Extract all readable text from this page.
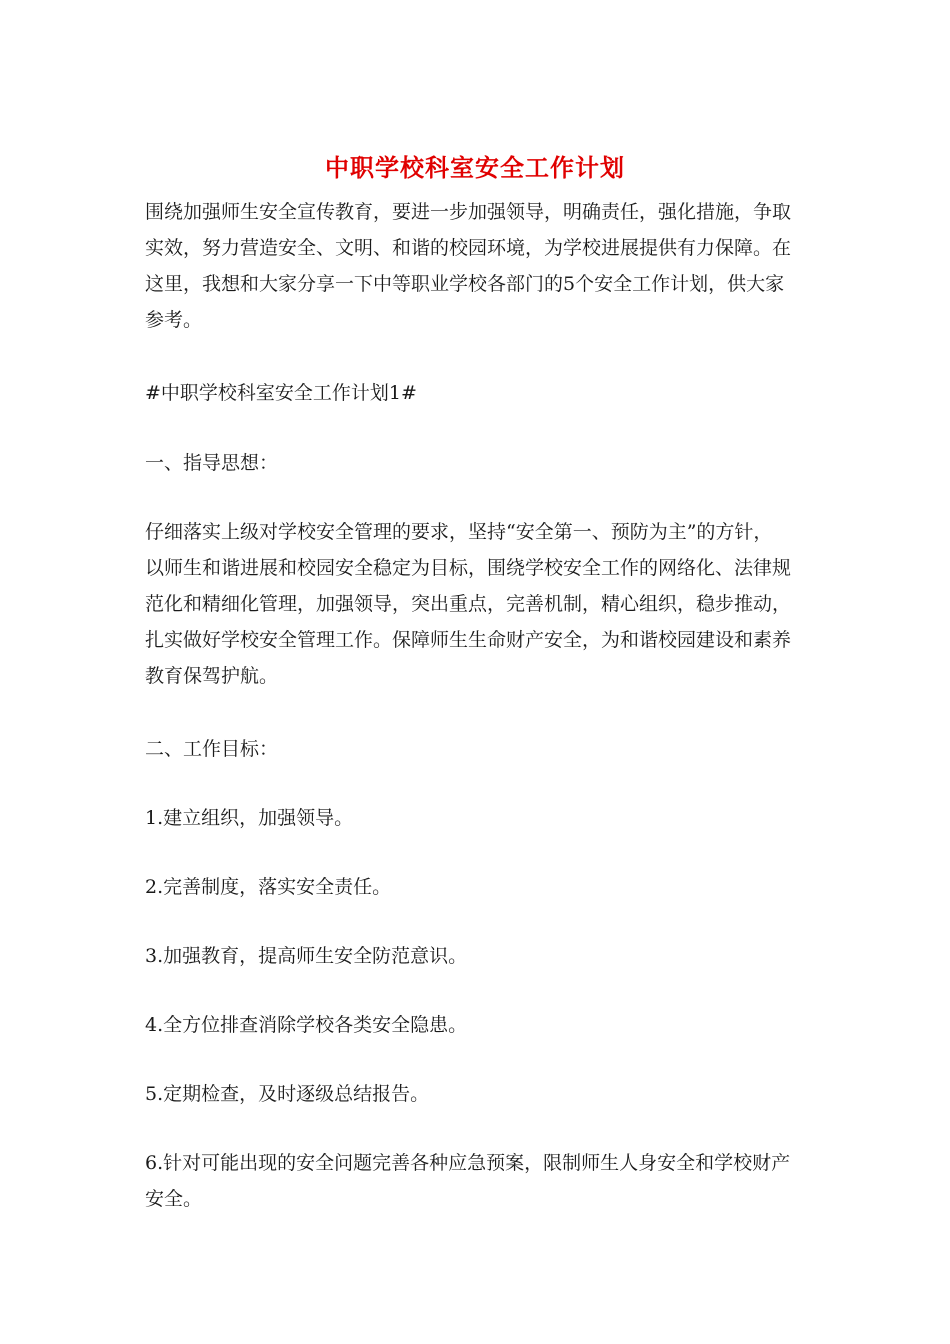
中职学校科室安全工作计划
围绕加强师生安全宣传教育，要进一步加强领导，明确责任，强化措施，争取
实效，努力营造安全、文明、和谐的校园环境，为学校进展提供有力保障。在
这里，我想和大家分享一下中等职业学校各部门的5个安全工作计划，供大家
参考。
#中职学校科室安全工作计划1#
一、指导思想：
仔细落实上级对学校安全管理的要求，坚持“安全第一、预防为主”的方针，
以师生和谐进展和校园安全稳定为目标，围绕学校安全工作的网络化、法律规
范化和精细化管理，加强领导，突出重点，完善机制，精心组织，稳步推动，
扎实做好学校安全管理工作。保障师生生命财产安全，为和谐校园建设和素养
教育保驾护航。
二、工作目标：
1.建立组织，加强领导。
2.完善制度，落实安全责任。
3.加强教育，提高师生安全防范意识。
4.全方位排查消除学校各类安全隐患。
5.定期检查，及时逐级总结报告。
6.针对可能出现的安全问题完善各种应急预案，限制师生人身安全和学校财产
安全。
